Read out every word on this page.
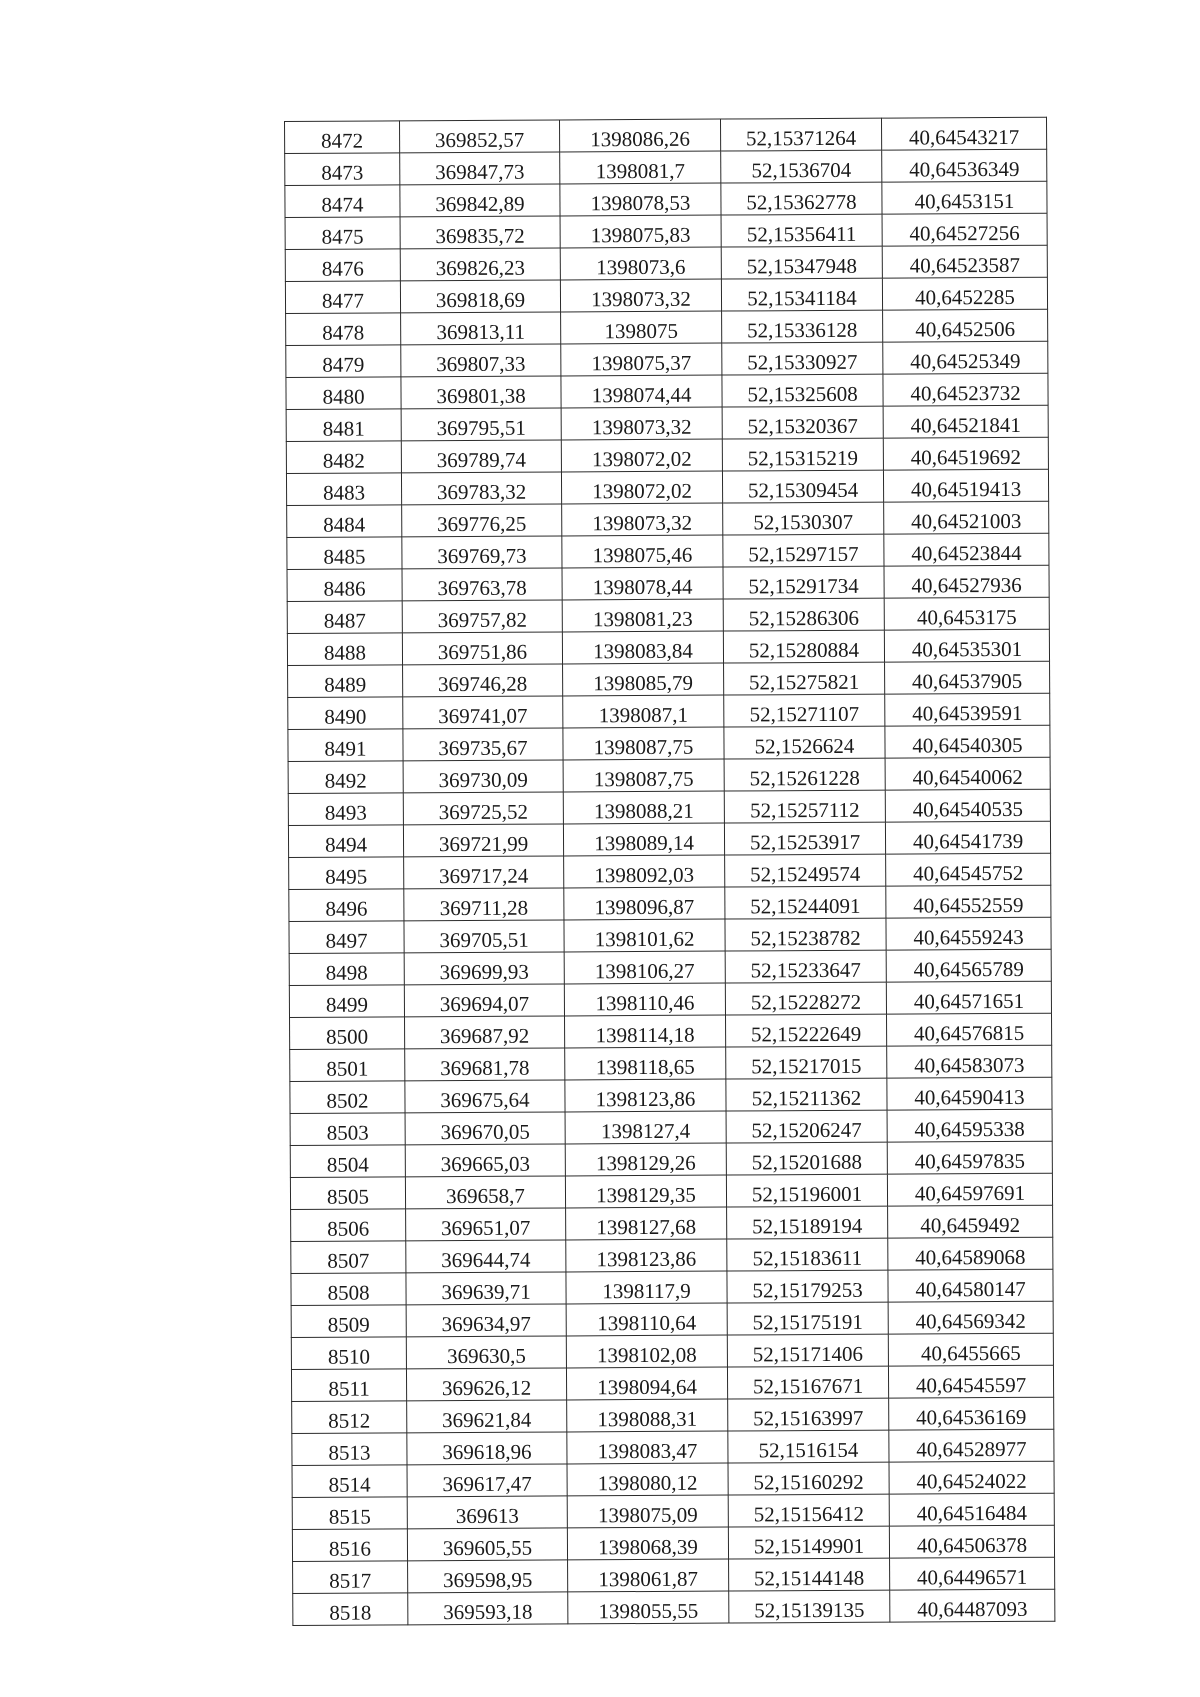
8472	369852,57	1398086,26	52,15371264	40,64543217
8473	369847,73	1398081,7	52,1536704	40,64536349
8474	369842,89	1398078,53	52,15362778	40,6453151
8475	369835,72	1398075,83	52,15356411	40,64527256
8476	369826,23	1398073,6	52,15347948	40,64523587
8477	369818,69	1398073,32	52,15341184	40,6452285
8478	369813,11	1398075	52,15336128	40,6452506
8479	369807,33	1398075,37	52,15330927	40,64525349
8480	369801,38	1398074,44	52,15325608	40,64523732
8481	369795,51	1398073,32	52,15320367	40,64521841
8482	369789,74	1398072,02	52,15315219	40,64519692
8483	369783,32	1398072,02	52,15309454	40,64519413
8484	369776,25	1398073,32	52,1530307	40,64521003
8485	369769,73	1398075,46	52,15297157	40,64523844
8486	369763,78	1398078,44	52,15291734	40,64527936
8487	369757,82	1398081,23	52,15286306	40,6453175
8488	369751,86	1398083,84	52,15280884	40,64535301
8489	369746,28	1398085,79	52,15275821	40,64537905
8490	369741,07	1398087,1	52,15271107	40,64539591
8491	369735,67	1398087,75	52,1526624	40,64540305
8492	369730,09	1398087,75	52,15261228	40,64540062
8493	369725,52	1398088,21	52,15257112	40,64540535
8494	369721,99	1398089,14	52,15253917	40,64541739
8495	369717,24	1398092,03	52,15249574	40,64545752
8496	369711,28	1398096,87	52,15244091	40,64552559
8497	369705,51	1398101,62	52,15238782	40,64559243
8498	369699,93	1398106,27	52,15233647	40,64565789
8499	369694,07	1398110,46	52,15228272	40,64571651
8500	369687,92	1398114,18	52,15222649	40,64576815
8501	369681,78	1398118,65	52,15217015	40,64583073
8502	369675,64	1398123,86	52,15211362	40,64590413
8503	369670,05	1398127,4	52,15206247	40,64595338
8504	369665,03	1398129,26	52,15201688	40,64597835
8505	369658,7	1398129,35	52,15196001	40,64597691
8506	369651,07	1398127,68	52,15189194	40,6459492
8507	369644,74	1398123,86	52,15183611	40,64589068
8508	369639,71	1398117,9	52,15179253	40,64580147
8509	369634,97	1398110,64	52,15175191	40,64569342
8510	369630,5	1398102,08	52,15171406	40,6455665
8511	369626,12	1398094,64	52,15167671	40,64545597
8512	369621,84	1398088,31	52,15163997	40,64536169
8513	369618,96	1398083,47	52,1516154	40,64528977
8514	369617,47	1398080,12	52,15160292	40,64524022
8515	369613	1398075,09	52,15156412	40,64516484
8516	369605,55	1398068,39	52,15149901	40,64506378
8517	369598,95	1398061,87	52,15144148	40,64496571
8518	369593,18	1398055,55	52,15139135	40,64487093
